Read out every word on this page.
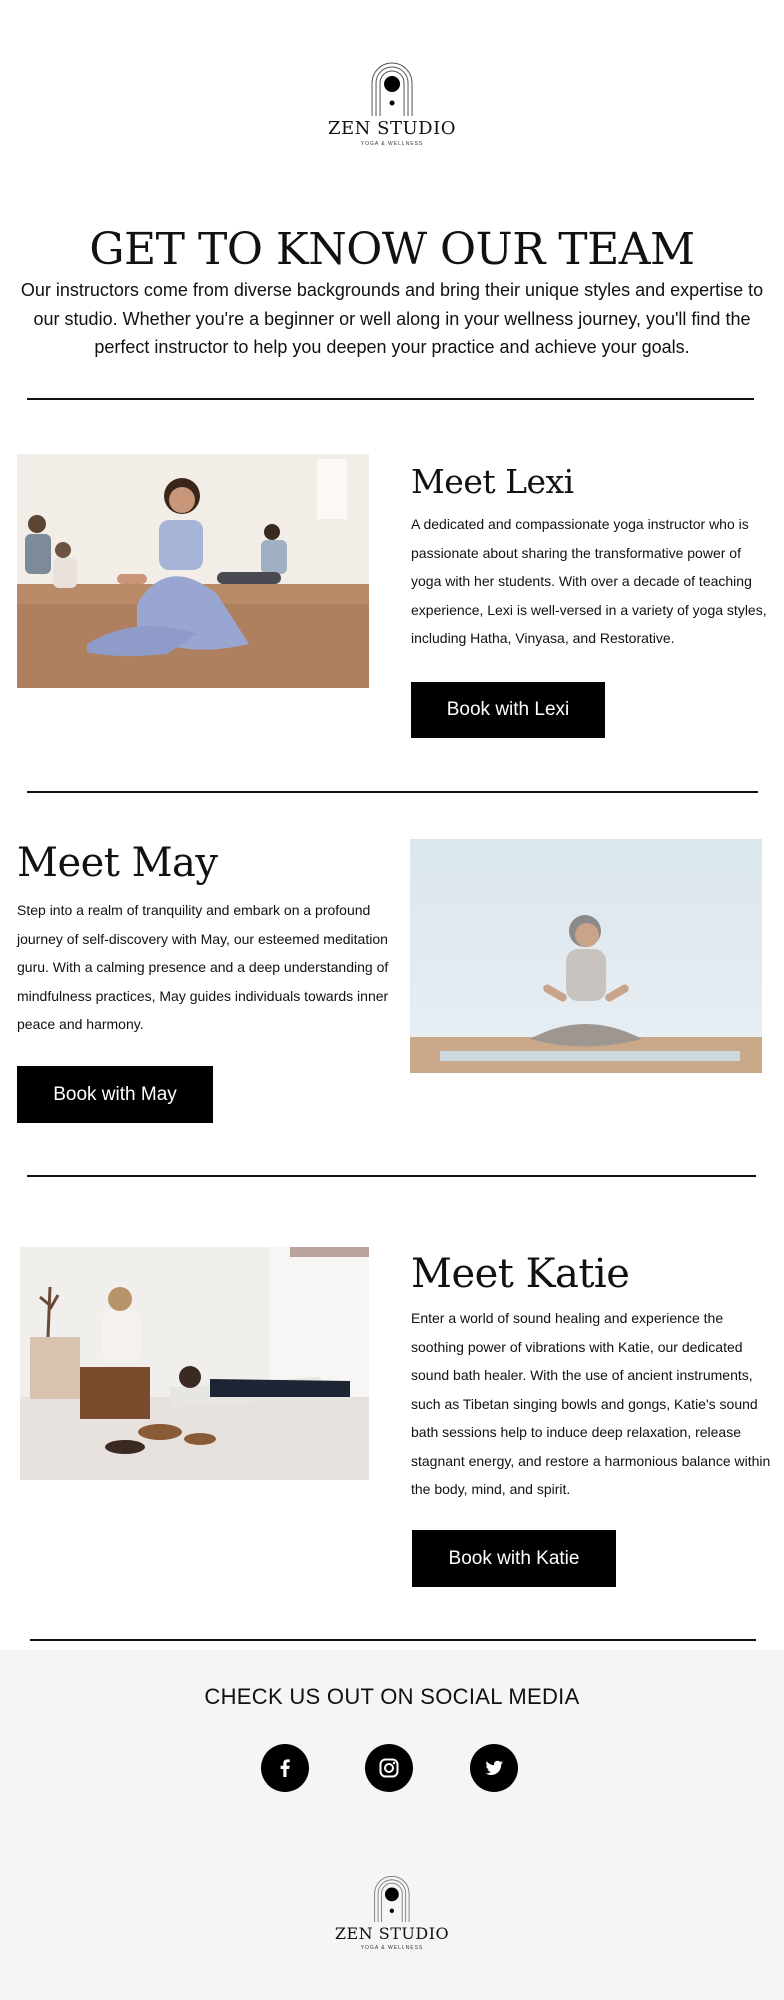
ZEN STUDIO
YOGA & WELLNESS
GET TO KNOW OUR TEAM
Our instructors come from diverse backgrounds and bring their unique styles and expertise to our studio. Whether you're a beginner or well along in your wellness journey, you'll find the perfect instructor to help you deepen your practice and achieve your goals.
Meet Lexi
A dedicated and compassionate yoga instructor who is passionate about sharing the transformative power of yoga with her students. With over a decade of teaching experience, Lexi is well-versed in a variety of yoga styles, including Hatha, Vinyasa, and Restorative.
Book with Lexi
Meet May
Step into a realm of tranquility and embark on a profound journey of self-discovery with May, our esteemed meditation guru. With a calming presence and a deep understanding of mindfulness practices, May guides individuals towards inner peace and harmony.
Book with May
Meet Katie
Enter a world of sound healing and experience the soothing power of vibrations with Katie, our dedicated sound bath healer. With the use of ancient instruments, such as Tibetan singing bowls and gongs, Katie's sound bath sessions help to induce deep relaxation, release stagnant energy, and restore a harmonious balance within the body, mind, and spirit.
Book with Katie
CHECK US OUT ON SOCIAL MEDIA
ZEN STUDIO
YOGA & WELLNESS
